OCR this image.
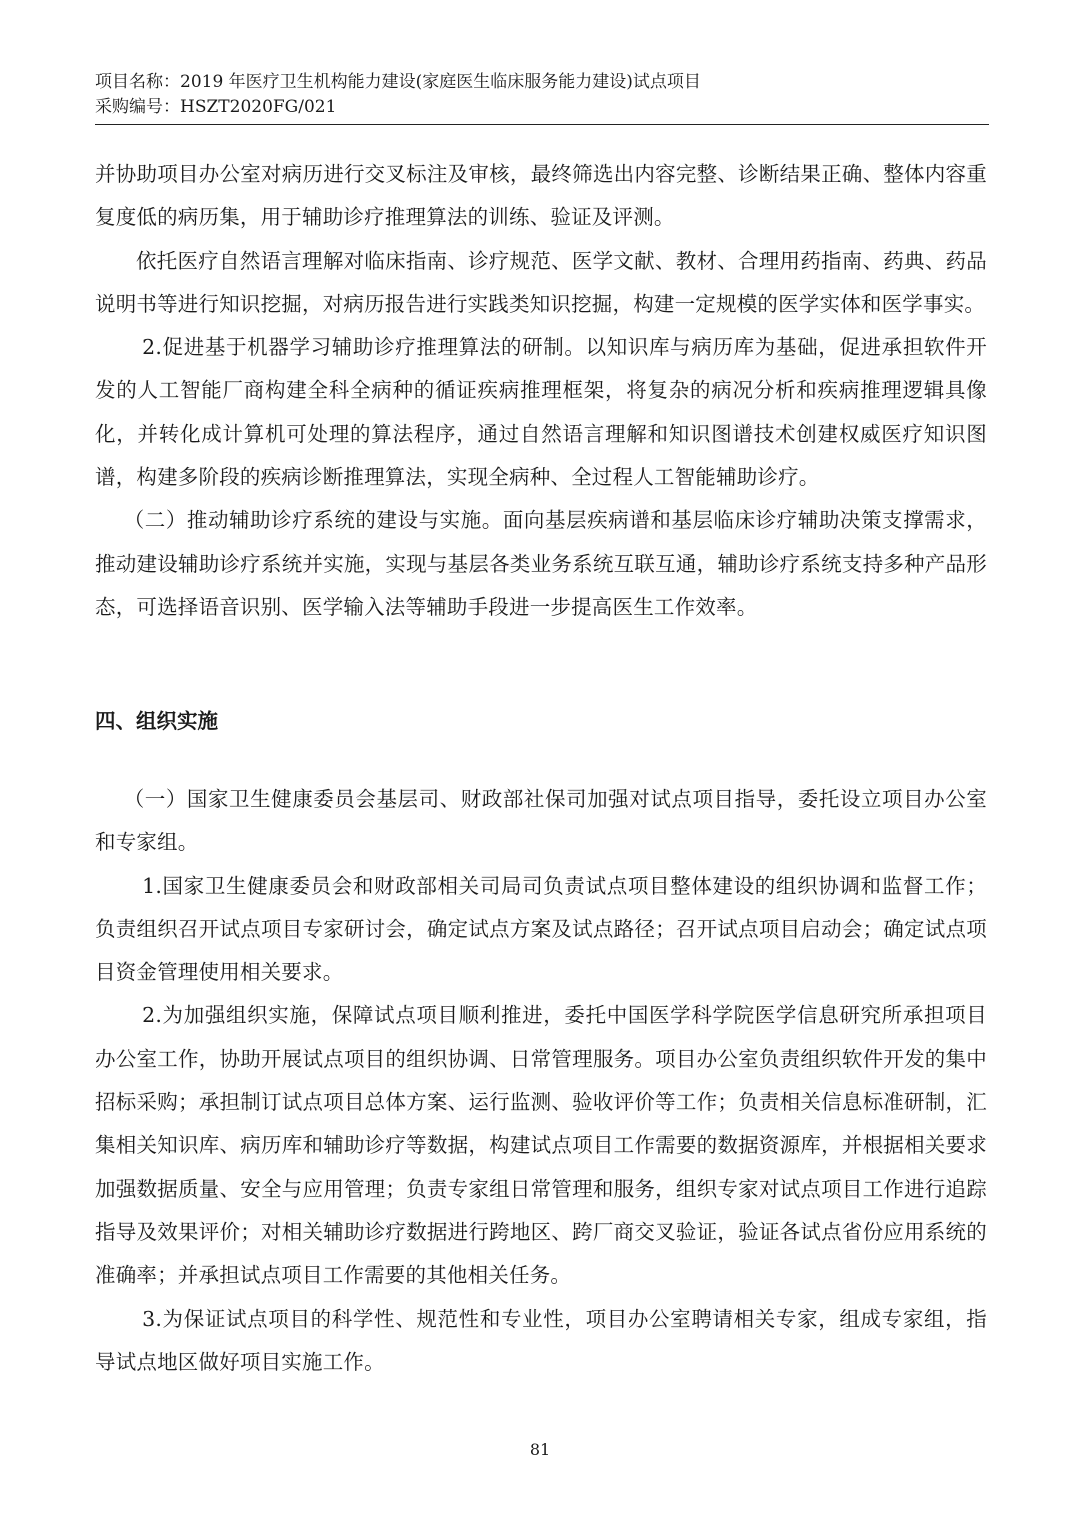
项目名称：2019 年医疗卫生机构能力建设(家庭医生临床服务能力建设)试点项目
采购编号：HSZT2020FG/021

并协助项目办公室对病历进行交叉标注及审核，最终筛选出内容完整、诊断结果正确、整体内容重复度低的病历集，用于辅助诊疗推理算法的训练、验证及评测。

依托医疗自然语言理解对临床指南、诊疗规范、医学文献、教材、合理用药指南、药典、药品说明书等进行知识挖掘，对病历报告进行实践类知识挖掘，构建一定规模的医学实体和医学事实。

2.促进基于机器学习辅助诊疗推理算法的研制。以知识库与病历库为基础，促进承担软件开发的人工智能厂商构建全科全病种的循证疾病推理框架，将复杂的病况分析和疾病推理逻辑具像化，并转化成计算机可处理的算法程序，通过自然语言理解和知识图谱技术创建权威医疗知识图谱，构建多阶段的疾病诊断推理算法，实现全病种、全过程人工智能辅助诊疗。

（二）推动辅助诊疗系统的建设与实施。面向基层疾病谱和基层临床诊疗辅助决策支撑需求，推动建设辅助诊疗系统并实施，实现与基层各类业务系统互联互通，辅助诊疗系统支持多种产品形态，可选择语音识别、医学输入法等辅助手段进一步提高医生工作效率。

四、组织实施

（一）国家卫生健康委员会基层司、财政部社保司加强对试点项目指导，委托设立项目办公室和专家组。

1.国家卫生健康委员会和财政部相关司局司负责试点项目整体建设的组织协调和监督工作；负责组织召开试点项目专家研讨会，确定试点方案及试点路径；召开试点项目启动会；确定试点项目资金管理使用相关要求。

2.为加强组织实施，保障试点项目顺利推进，委托中国医学科学院医学信息研究所承担项目办公室工作，协助开展试点项目的组织协调、日常管理服务。项目办公室负责组织软件开发的集中招标采购；承担制订试点项目总体方案、运行监测、验收评价等工作；负责相关信息标准研制，汇集相关知识库、病历库和辅助诊疗等数据，构建试点项目工作需要的数据资源库，并根据相关要求加强数据质量、安全与应用管理；负责专家组日常管理和服务，组织专家对试点项目工作进行追踪指导及效果评价；对相关辅助诊疗数据进行跨地区、跨厂商交叉验证，验证各试点省份应用系统的准确率；并承担试点项目工作需要的其他相关任务。

3.为保证试点项目的科学性、规范性和专业性，项目办公室聘请相关专家，组成专家组，指导试点地区做好项目实施工作。

81
